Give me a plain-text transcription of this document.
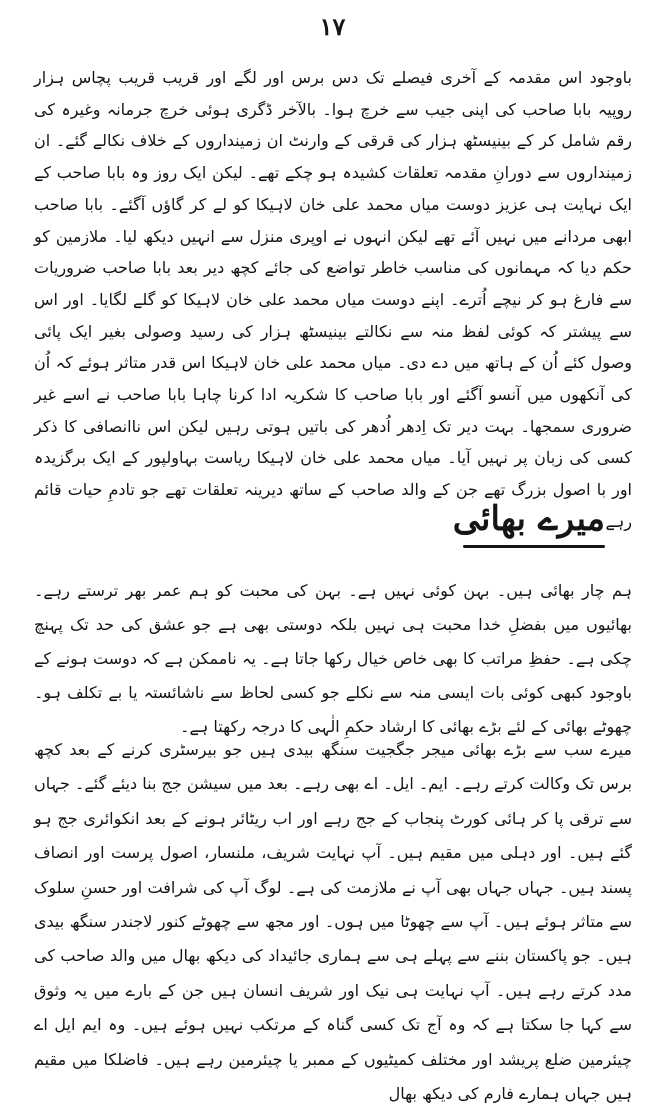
۱۷

باوجود اس مقدمہ کے آخری فیصلے تک دس برس اور لگے اور قریب قریب پچاس ہزار روپیہ بابا صاحب کی اپنی جیب سے خرچ ہوا۔ بالآخر ڈگری ہوئی خرچ جرمانہ وغیرہ کی رقم شامل کر کے بینیسٹھ ہزار کی قرقی کے وارنٹ ان زمینداروں کے خلاف نکالے گئے۔ ان زمینداروں سے دورانِ مقدمہ تعلقات کشیدہ ہو چکے تھے۔ لیکن ایک روز وہ بابا صاحب کے ایک نہایت ہی عزیز دوست میاں محمد علی خان لاہیکا کو لے کر گاؤں آگئے۔ بابا صاحب ابھی مردانے میں نہیں آئے تھے لیکن انہوں نے اوپری منزل سے انہیں دیکھ لیا۔ ملازمین کو حکم دیا کہ مہمانوں کی مناسب خاطر تواضع کی جائے کچھ دیر بعد بابا صاحب ضروریات سے فارغ ہو کر نیچے اُترے۔ اپنے دوست میاں محمد علی خان لاہیکا کو گلے لگایا۔ اور اس سے پیشتر کہ کوئی لفظ منہ سے نکالتے بینیسٹھ ہزار کی رسید وصولی بغیر ایک پائی وصول کئے اُن کے ہاتھ میں دے دی۔ میاں محمد علی خان لاہیکا اس قدر متاثر ہوئے کہ اُن کی آنکھوں میں آنسو آگئے اور بابا صاحب کا شکریہ ادا کرنا چاہا بابا صاحب نے اسے غیر ضروری سمجھا۔ بہت دیر تک اِدھر اُدھر کی باتیں ہوتی رہیں لیکن اس ناانصافی کا ذکر کسی کی زبان پر نہیں آیا۔ میاں محمد علی خان لاہیکا ریاست بہاولپور کے ایک برگزیدہ اور با اصول بزرگ تھے جن کے والد صاحب کے ساتھ دیرینہ تعلقات تھے جو تادمِ حیات قائم رہے۔

میرے بھائی

ہم چار بھائی ہیں۔ بہن کوئی نہیں ہے۔ بہن کی محبت کو ہم عمر بھر ترستے رہے۔ بھائیوں میں بفضلِ خدا محبت ہی نہیں بلکہ دوستی بھی ہے جو عشق کی حد تک پہنچ چکی ہے۔ حفظِ مراتب کا بھی خاص خیال رکھا جاتا ہے۔ یہ ناممکن ہے کہ دوست ہونے کے باوجود کبھی کوئی بات ایسی منہ سے نکلے جو کسی لحاظ سے ناشائستہ یا بے تکلف ہو۔ چھوٹے بھائی کے لئے بڑے بھائی کا ارشاد حکمِ الٰہی کا درجہ رکھتا ہے۔

میرے سب سے بڑے بھائی میجر جگجیت سنگھ بیدی ہیں جو بیرسٹری کرنے کے بعد کچھ برس تک وکالت کرتے رہے۔ ایم۔ ایل۔ اے بھی رہے۔ بعد میں سیشن جج بنا دیئے گئے۔ جہاں سے ترقی پا کر ہائی کورٹ پنجاب کے جج رہے اور اب ریٹائر ہونے کے بعد انکوائری جج ہو گئے ہیں۔ اور دہلی میں مقیم ہیں۔ آپ نہایت شریف، ملنسار، اصول پرست اور انصاف پسند ہیں۔ جہاں جہاں بھی آپ نے ملازمت کی ہے۔ لوگ آپ کی شرافت اور حسنِ سلوک سے متاثر ہوئے ہیں۔ آپ سے چھوٹا میں ہوں۔ اور مجھ سے چھوٹے کنور لاجندر سنگھ بیدی ہیں۔ جو پاکستان بننے سے پہلے ہی سے ہماری جائیداد کی دیکھ بھال میں والد صاحب کی مدد کرتے رہے ہیں۔ آپ نہایت ہی نیک اور شریف انسان ہیں جن کے بارے میں یہ وثوق سے کہا جا سکتا ہے کہ وہ آج تک کسی گناہ کے مرتکب نہیں ہوئے ہیں۔ وہ ایم ایل اے چیئرمین ضلع پریشد اور مختلف کمیٹیوں کے ممبر یا چیئرمین رہے ہیں۔ فاضلکا میں مقیم ہیں جہاں ہمارے فارم کی دیکھ بھال
